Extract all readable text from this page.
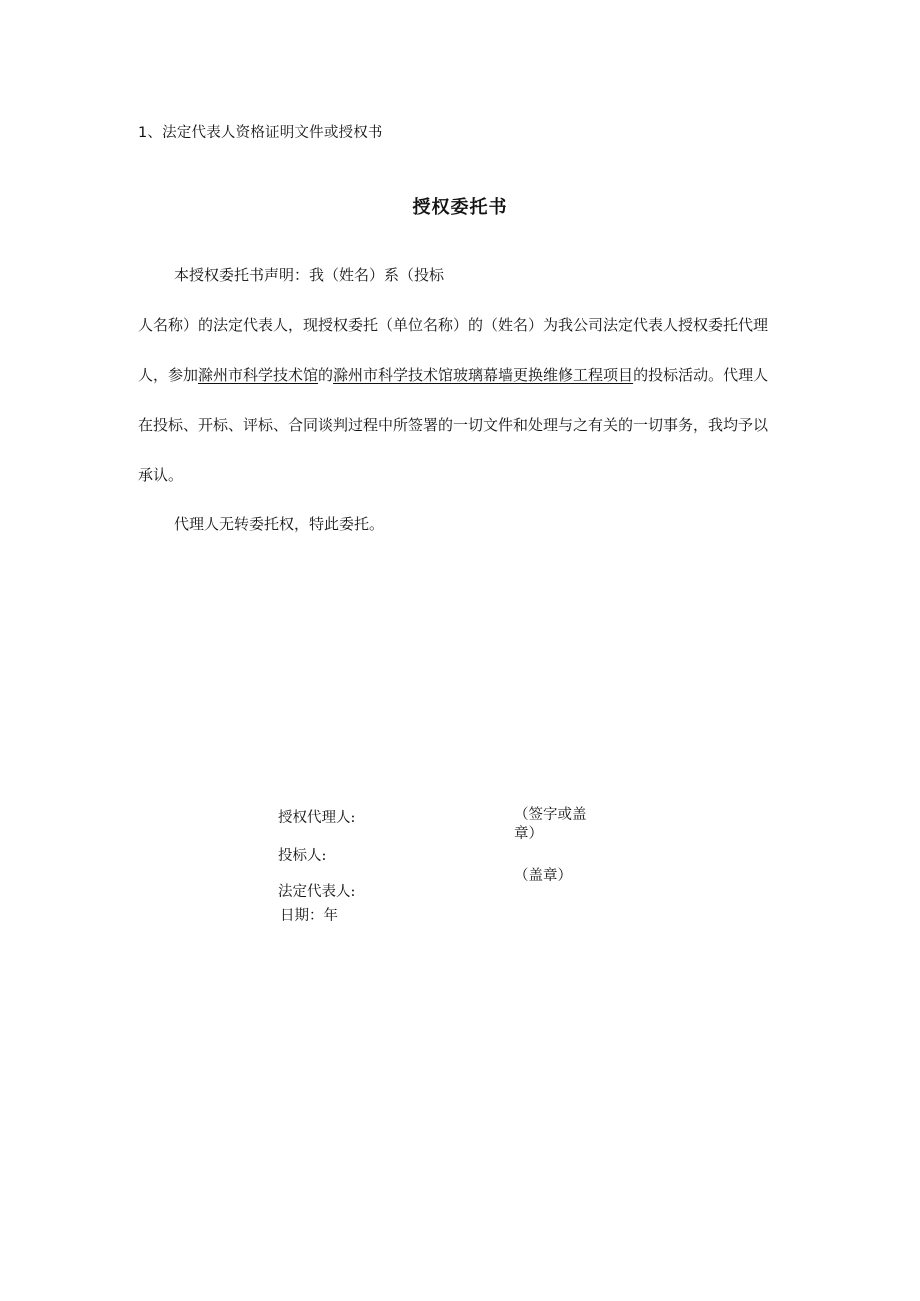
1、法定代表人资格证明文件或授权书
授权委托书
本授权委托书声明：我（姓名）系（投标
人名称）的法定代表人，现授权委托（单位名称）的（姓名）为我公司法定代表人授权委托代理
人，参加滁州市科学技术馆的滁州市科学技术馆玻璃幕墙更换维修工程项目的投标活动。代理人
在投标、开标、评标、合同谈判过程中所签署的一切文件和处理与之有关的一切事务，我均予以
承认。
代理人无转委托权，特此委托。
授权代理人:	（签字或盖章）
投标人:
（盖章）
法定代表人:
日期：年
